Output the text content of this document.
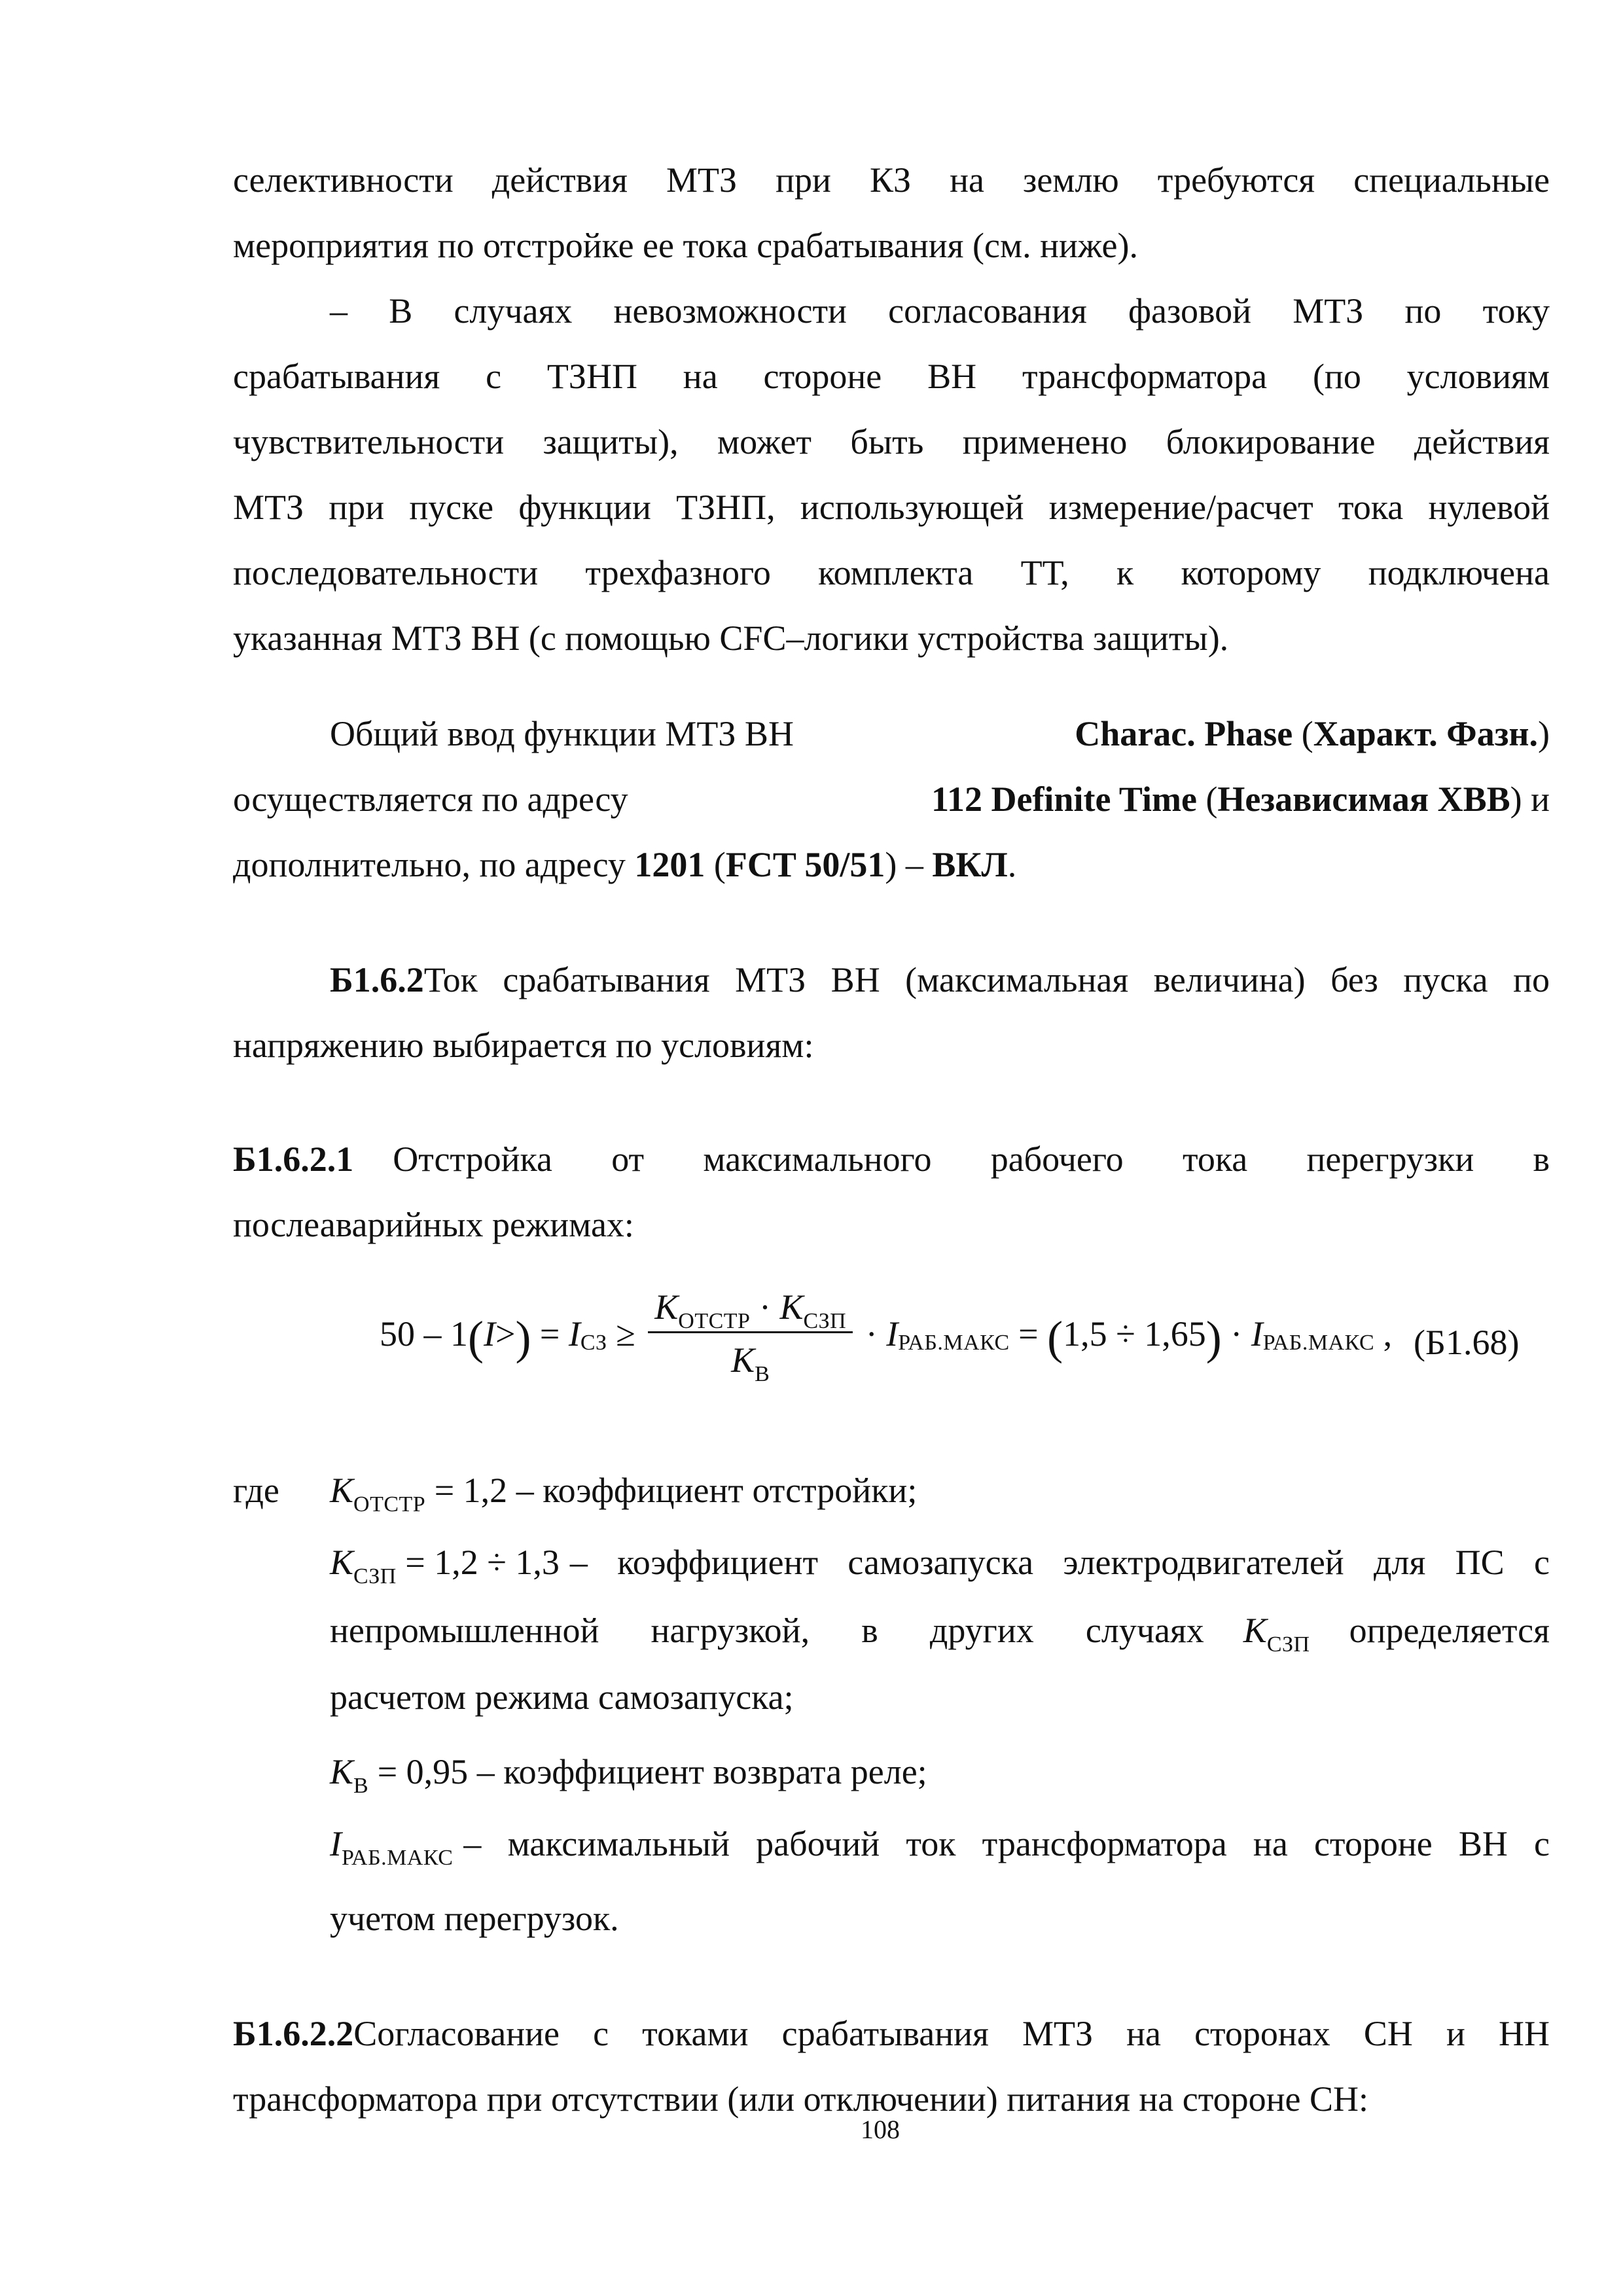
селективности действия МТЗ при КЗ на землю требуются специальные
мероприятия по отстройке ее тока срабатывания (см. ниже).
– В случаях невозможности согласования фазовой МТЗ по току
срабатывания с ТЗНП на стороне ВН трансформатора (по условиям
чувствительности защиты), может быть применено блокирование действия
МТЗ при пуске функции ТЗНП, использующей измерение/расчет тока нулевой
последовательности трехфазного комплекта ТТ, к которому подключена
указанная МТЗ ВН (с помощью CFC–логики устройства защиты).
Общий ввод функции МТЗ ВН	Charac. Phase (Характ. Фазн.)
осуществляется по адресу	112 Definite Time (Независимая ХВВ) и
дополнительно, по адресу 1201 (FCT 50/51) – ВКЛ.
Б1.6.2 Ток срабатывания МТЗ ВН (максимальная величина) без пуска по
напряжению выбирается по условиям:
Б1.6.2.1 Отстройка от максимального рабочего тока перегрузки в
послеаварийных режимах:
50 – 1 ( I > ) = I СЗ ≥ $\frac{K_{ОТСТР} \cdot K_{СЗП}}{K_В} \cdot I$ РАБ.МАКС = ( 1,5 ÷ 1,65 ) · I РАБ.МАКС , (Б1.68)
где $K_{ОТСТР} = 1,2$ – коэффициент отстройки;
$K_{СЗП} = 1,2 \div 1,3$ – коэффициент самозапуска электродвигателей для ПС с
непромышленной нагрузкой, в других случаях $K_{СЗП}$ определяется
расчетом режима самозапуска;
$K_В = 0,95$ – коэффициент возврата реле;
$I_{РАБ.МАКС}$ – максимальный рабочий ток трансформатора на стороне ВН с
учетом перегрузок.
Б1.6.2.2 Согласование с токами срабатывания МТЗ на сторонах СН и НН
трансформатора при отсутствии (или отключении) питания на стороне СН:
108
